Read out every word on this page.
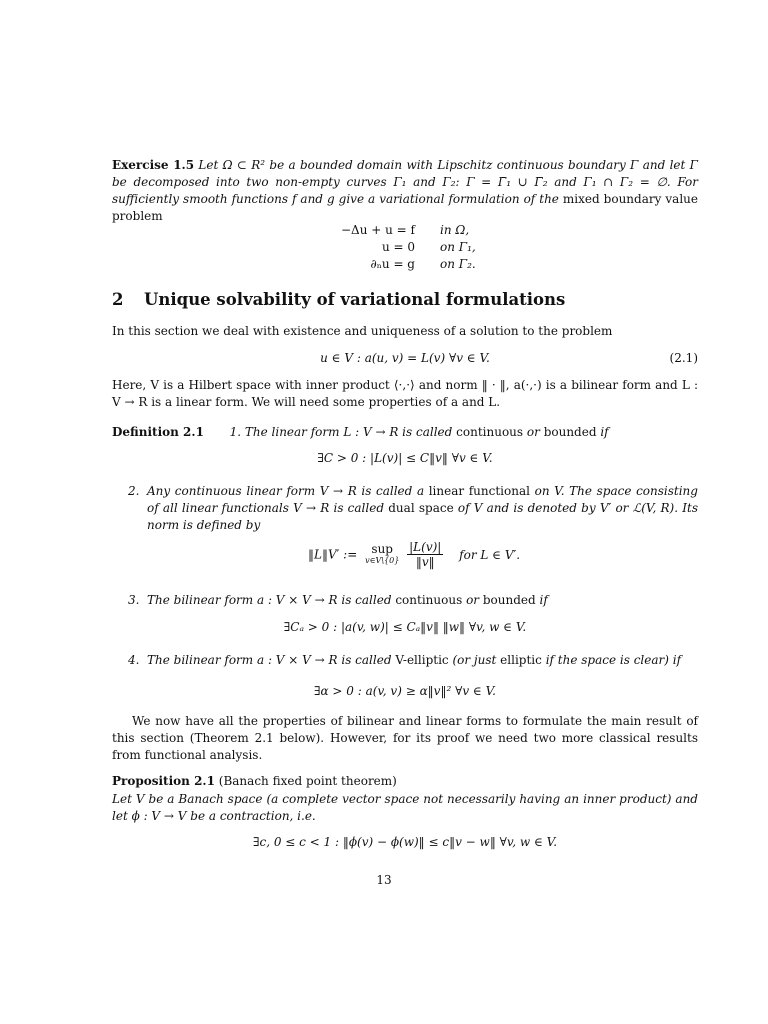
Exercise 1.5 Let Ω ⊂ R² be a bounded domain with Lipschitz continuous boundary Γ and let Γ be decomposed into two non-empty curves Γ₁ and Γ₂: Γ = Γ̄₁ ∪ Γ̄₂ and Γ₁ ∩ Γ₂ = ∅. For sufficiently smooth functions f and g give a variational formulation of the mixed boundary value problem

−Δu + u = f
u = 0
∂ₙu = g
in Ω,
on Γ₁,
on Γ₂.
2 Unique solvability of variational formulations

In this section we deal with existence and uniqueness of a solution to the problem

u ∈ V : a(u, v) = L(v) ∀v ∈ V.	(2.1)

Here, V is a Hilbert space with inner product ⟨·,·⟩ and norm ‖ · ‖, a(·,·) is a bilinear form and L : V → R is a linear form. We will need some properties of a and L.

Definition 2.1 1. The linear form L : V → R is called continuous or bounded if
∃C > 0 : |L(v)| ≤ C‖v‖ ∀v ∈ V.
2. Any continuous linear form V → R is called a linear functional on V. The space consisting of all linear functionals V → R is called dual space of V and is denoted by V′ or ℒ(V, R). Its norm is defined by
‖L‖V′ :=	sup
v∈V\{0}
$\frac{|L(v)|}{‖v‖}$ for L ∈ V′.
3. The bilinear form a : V × V → R is called continuous or bounded if
∃Cₐ > 0 : |a(v, w)| ≤ Cₐ‖v‖ ‖w‖ ∀v, w ∈ V.
4. The bilinear form a : V × V → R is called V-elliptic (or just elliptic if the space is clear) if
∃α > 0 : a(v, v) ≥ α‖v‖² ∀v ∈ V.

We now have all the properties of bilinear and linear forms to formulate the main result of this section (Theorem 2.1 below). However, for its proof we need two more classical results from functional analysis.

Proposition 2.1 (Banach fixed point theorem)

Let V be a Banach space (a complete vector space not necessarily having an inner product) and let ϕ : V → V be a contraction, i.e.

∃c, 0 ≤ c < 1 : ‖ϕ(v) − ϕ(w)‖ ≤ c‖v − w‖ ∀v, w ∈ V.
13
